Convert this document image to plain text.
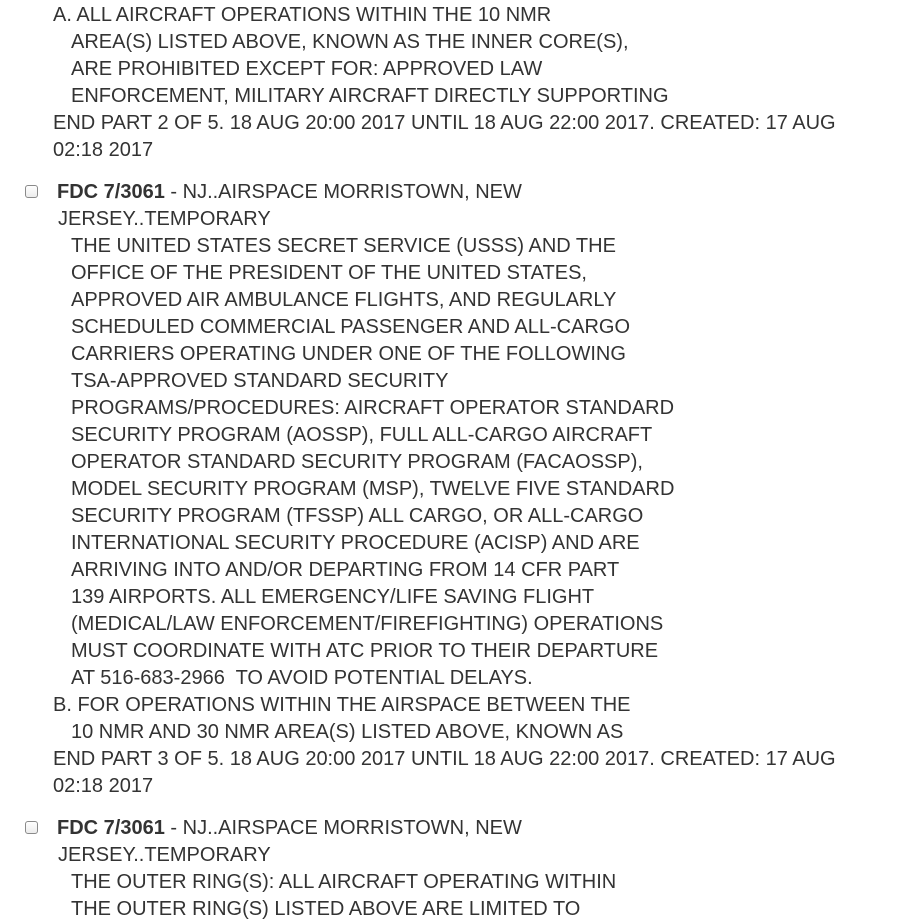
A. ALL AIRCRAFT OPERATIONS WITHIN THE 10 NMR
AREA(S) LISTED ABOVE, KNOWN AS THE INNER CORE(S),
ARE PROHIBITED EXCEPT FOR: APPROVED LAW
ENFORCEMENT, MILITARY AIRCRAFT DIRECTLY SUPPORTING
END PART 2 OF 5. 18 AUG 20:00 2017 UNTIL 18 AUG 22:00 2017. CREATED: 17 AUG
02:18 2017
FDC 7/3061 - NJ..AIRSPACE MORRISTOWN, NEW
JERSEY..TEMPORARY
THE UNITED STATES SECRET SERVICE (USSS) AND THE
OFFICE OF THE PRESIDENT OF THE UNITED STATES,
APPROVED AIR AMBULANCE FLIGHTS, AND REGULARLY
SCHEDULED COMMERCIAL PASSENGER AND ALL-CARGO
CARRIERS OPERATING UNDER ONE OF THE FOLLOWING
TSA-APPROVED STANDARD SECURITY
PROGRAMS/PROCEDURES: AIRCRAFT OPERATOR STANDARD
SECURITY PROGRAM (AOSSP), FULL ALL-CARGO AIRCRAFT
OPERATOR STANDARD SECURITY PROGRAM (FACAOSSP),
MODEL SECURITY PROGRAM (MSP), TWELVE FIVE STANDARD
SECURITY PROGRAM (TFSSP) ALL CARGO, OR ALL-CARGO
INTERNATIONAL SECURITY PROCEDURE (ACISP) AND ARE
ARRIVING INTO AND/OR DEPARTING FROM 14 CFR PART
139 AIRPORTS. ALL EMERGENCY/LIFE SAVING FLIGHT
(MEDICAL/LAW ENFORCEMENT/FIREFIGHTING) OPERATIONS
MUST COORDINATE WITH ATC PRIOR TO THEIR DEPARTURE
AT 516-683-2966  TO AVOID POTENTIAL DELAYS.
B. FOR OPERATIONS WITHIN THE AIRSPACE BETWEEN THE
10 NMR AND 30 NMR AREA(S) LISTED ABOVE, KNOWN AS
END PART 3 OF 5. 18 AUG 20:00 2017 UNTIL 18 AUG 22:00 2017. CREATED: 17 AUG
02:18 2017
FDC 7/3061 - NJ..AIRSPACE MORRISTOWN, NEW
JERSEY..TEMPORARY
THE OUTER RING(S): ALL AIRCRAFT OPERATING WITHIN
THE OUTER RING(S) LISTED ABOVE ARE LIMITED TO
